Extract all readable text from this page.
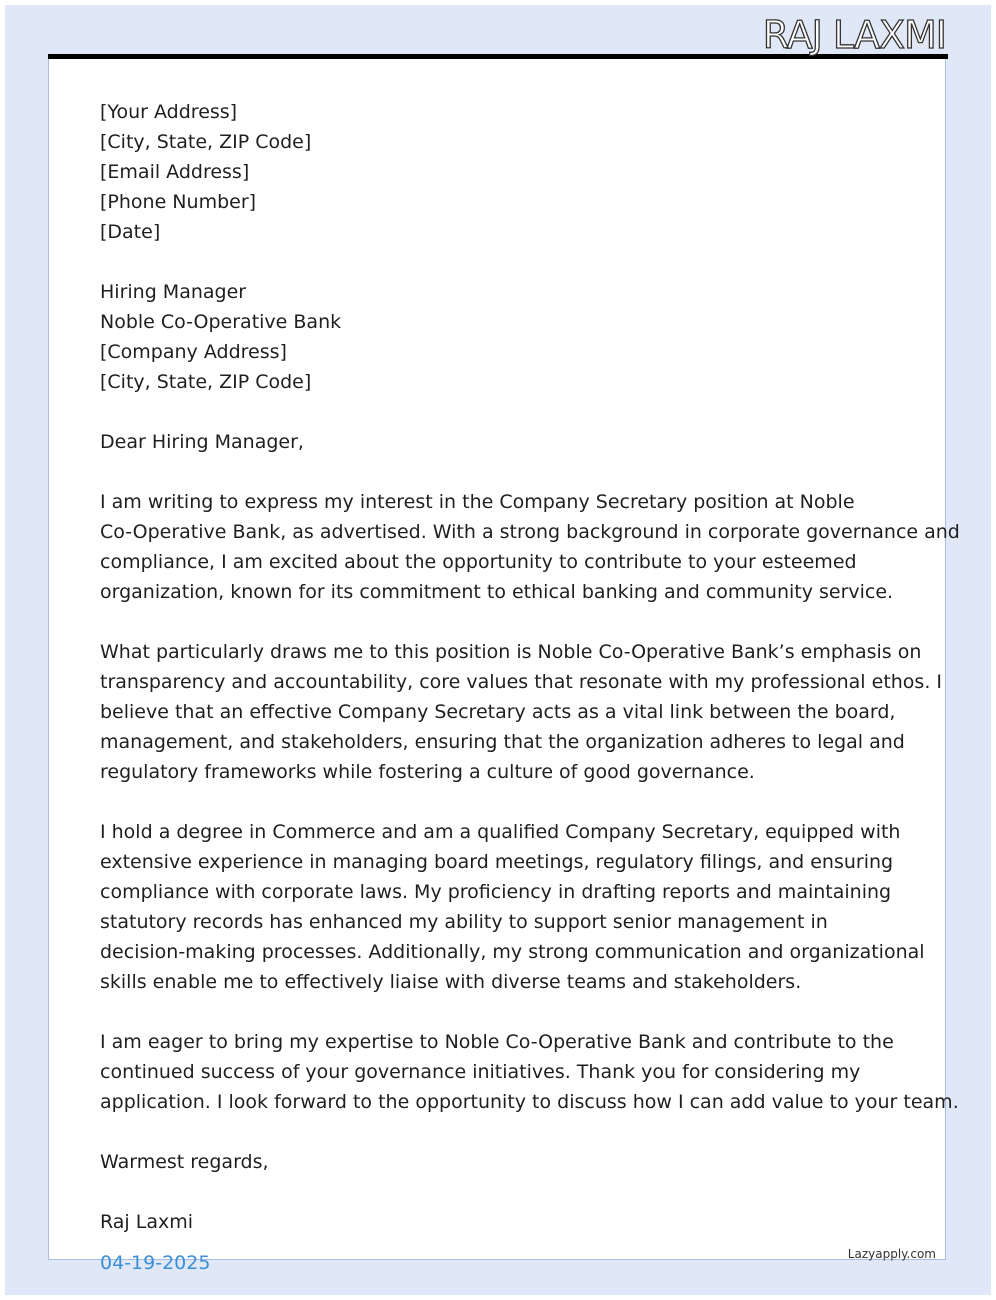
RAJ LAXMI
[Your Address]
[City, State, ZIP Code]
[Email Address]
[Phone Number]
[Date]
Hiring Manager
Noble Co-Operative Bank
[Company Address]
[City, State, ZIP Code]

Dear Hiring Manager,

I am writing to express my interest in the Company Secretary position at Noble
Co-Operative Bank, as advertised. With a strong background in corporate governance and
compliance, I am excited about the opportunity to contribute to your esteemed
organization, known for its commitment to ethical banking and community service.

What particularly draws me to this position is Noble Co-Operative Bank’s emphasis on
transparency and accountability, core values that resonate with my professional ethos. I
believe that an effective Company Secretary acts as a vital link between the board,
management, and stakeholders, ensuring that the organization adheres to legal and
regulatory frameworks while fostering a culture of good governance.

I hold a degree in Commerce and am a qualified Company Secretary, equipped with
extensive experience in managing board meetings, regulatory filings, and ensuring
compliance with corporate laws. My proficiency in drafting reports and maintaining
statutory records has enhanced my ability to support senior management in
decision-making processes. Additionally, my strong communication and organizational
skills enable me to effectively liaise with diverse teams and stakeholders.

I am eager to bring my expertise to Noble Co-Operative Bank and contribute to the
continued success of your governance initiatives. Thank you for considering my
application. I look forward to the opportunity to discuss how I can add value to your team.

Warmest regards,

Raj Laxmi

04-19-2025	Lazyapply.com
